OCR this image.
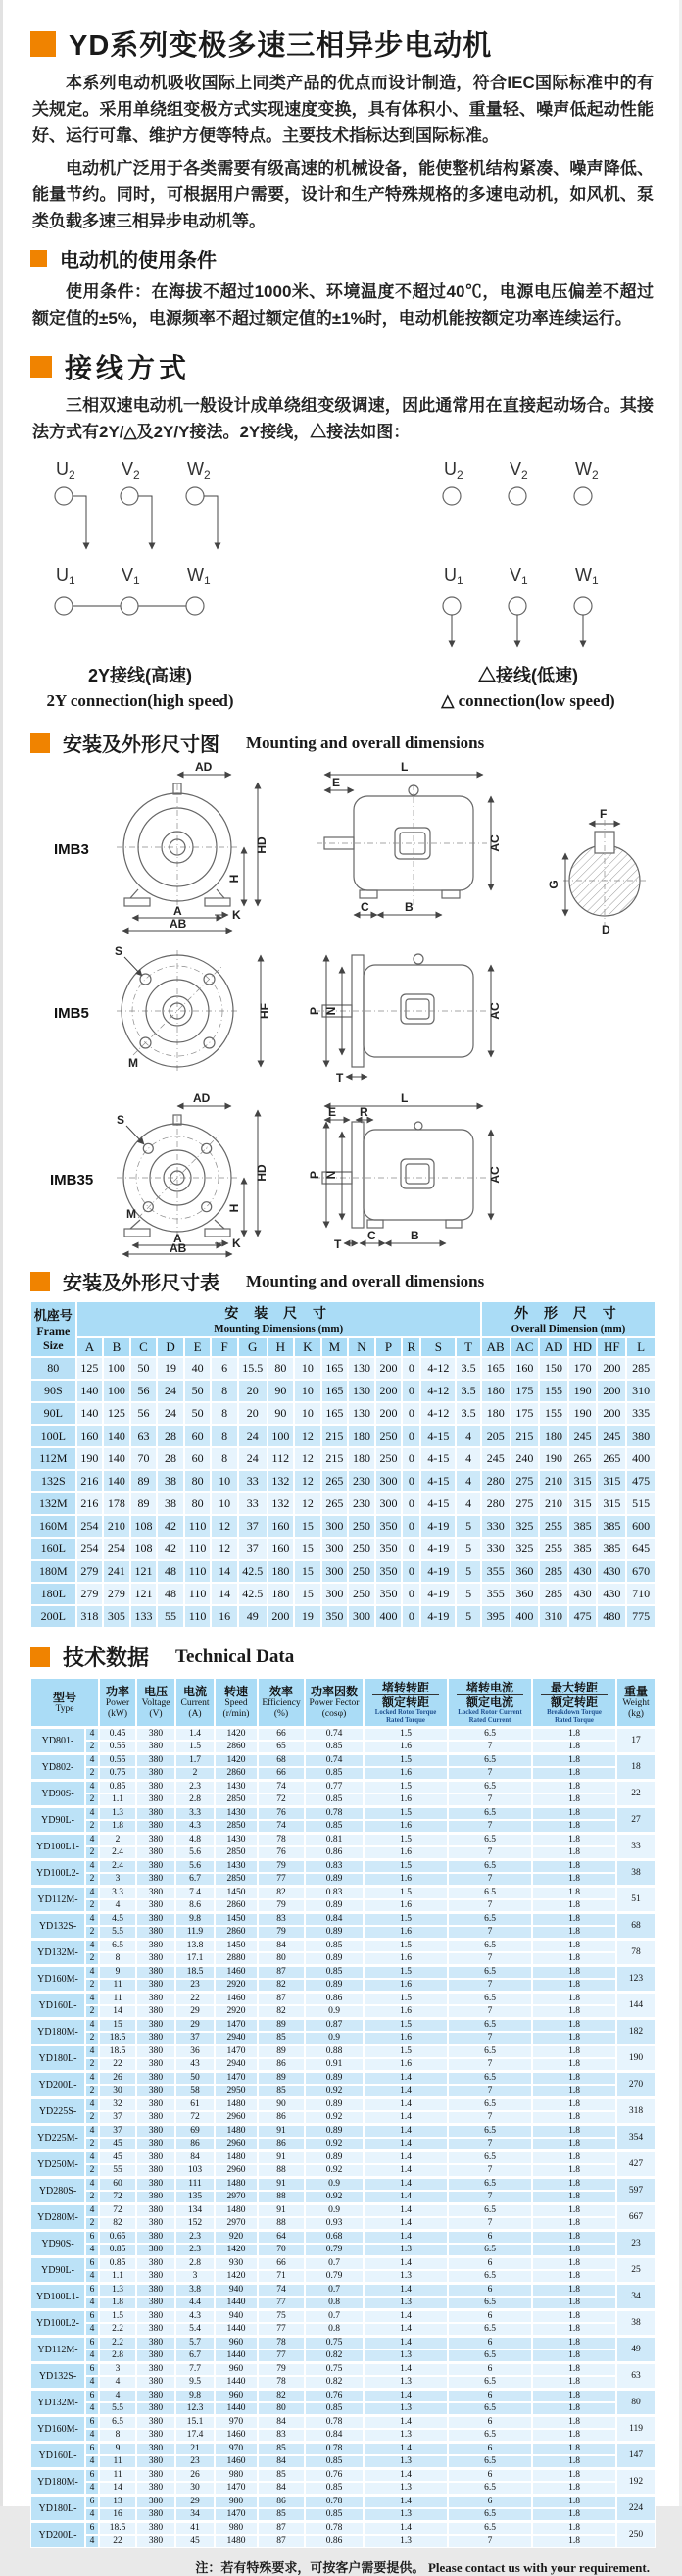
YD系列变极多速三相异步电动机

本系列电动机吸收国际上同类产品的优点而设计制造，符合IEC国际标准中的有关规定。采用单绕组变极方式实现速度变换，具有体积小、重量轻、噪声低起动性能好、运行可靠、维护方便等特点。主要技术指标达到国际标准。

电动机广泛用于各类需要有级高速的机械设备，能使整机结构紧凑、噪声降低、能量节约。同时，可根据用户需要，设计和生产特殊规格的多速电动机，如风机、泵类负载多速三相异步电动机等。

电动机的使用条件

使用条件：在海拔不超过1000米、环境温度不超过40℃，电源电压偏差不超过额定值的±5%，电源频率不超过额定值的±1%时，电动机能按额定功率连续运行。

接线方式

三相双速电动机一般设计成单绕组变级调速，因此通常用在直接起动场合。其接法方式有2Y/△及2Y/Y接法。2Y接线，△接法如图：

$U_2$	$V_2$	$W_2$
$U_1$	$V_1$	$W_1$
2Y接线(高速)
2Y connection(high speed)
$U_2$	$V_2$	$W_2$
$U_1$	$V_1$	$W_1$
△接线(低速)
△ connection(low speed)
安装及外形尺寸图 Mounting and overall dimensions
IMB3
AD
HD
H
K
A
AB
L
E
AC
C	B
F
G
D
IMB5
S
M
HF	P N
T
AC
IMB35
AD
S
M
HD
H
K
A
AB
L
E R
P N	AC
T
C	B
安装及外形尺寸表 Mounting and overall dimensions
机座号
Frame
Size

安 装 尺 寸
Mounting Dimensions (mm)

外 形 尺 寸
Overall Dimension (mm)

	A	B	C	D	E	F	G	H	K	M	N	P	R	S	T	AB	AC	AD	HD	HF	L
80	125	100	50	19	40	6	15.5	80	10	165	130	200	0	4-12	3.5	165	160	150	170	200	285
90S	140	100	56	24	50	8	20	90	10	165	130	200	0	4-12	3.5	180	175	155	190	200	310
90L	140	125	56	24	50	8	20	90	10	165	130	200	0	4-12	3.5	180	175	155	190	200	335
100L	160	140	63	28	60	8	24	100	12	215	180	250	0	4-15	4	205	215	180	245	245	380
112M	190	140	70	28	60	8	24	112	12	215	180	250	0	4-15	4	245	240	190	265	265	400
132S	216	140	89	38	80	10	33	132	12	265	230	300	0	4-15	4	280	275	210	315	315	475
132M	216	178	89	38	80	10	33	132	12	265	230	300	0	4-15	4	280	275	210	315	315	515
160M	254	210	108	42	110	12	37	160	15	300	250	350	0	4-19	5	330	325	255	385	385	600
160L	254	254	108	42	110	12	37	160	15	300	250	350	0	4-19	5	330	325	255	385	385	645
180M	279	241	121	48	110	14	42.5	180	15	300	250	350	0	4-19	5	355	360	285	430	430	670
180L	279	279	121	48	110	14	42.5	180	15	300	250	350	0	4-19	5	355	360	285	430	430	710
200L	318	305	133	55	110	16	49	200	19	350	300	400	0	4-19	5	395	400	310	475	480	775
技术数据 Technical Data
型号
Type

功率
Power
(kW)

电压
Voltage
(V)

电流
Current
(A)

转速
Speed
(r/min)

效率
Efficiency
(%)

功率因数
Power Fector
(cosφ)

堵转转距
额定转距
Locked Rotor Torque
Rated Torque

堵转电流
额定电流
Locked Rotor Current
Rated Current

最大转距
额定转距
Breakdown Torque
Rated Torque

重量
Weight
(kg)

YD801-	4	0.45	380	1.4	1420	66	0.74	1.5	6.5	1.8	17
	2	0.55	380	1.5	2860	65	0.85	1.6	7	1.8	
YD802-	4	0.55	380	1.7	1420	68	0.74	1.5	6.5	1.8	18
	2	0.75	380	2	2860	66	0.85	1.6	7	1.8	
YD90S-	4	0.85	380	2.3	1430	74	0.77	1.5	6.5	1.8	22
	2	1.1	380	2.8	2850	72	0.85	1.6	7	1.8	
YD90L-	4	1.3	380	3.3	1430	76	0.78	1.5	6.5	1.8	27
	2	1.8	380	4.3	2850	74	0.85	1.6	7	1.8	
YD100L1-	4	2	380	4.8	1430	78	0.81	1.5	6.5	1.8	33
	2	2.4	380	5.6	2850	76	0.86	1.6	7	1.8	
YD100L2-	4	2.4	380	5.6	1430	79	0.83	1.5	6.5	1.8	38
	2	3	380	6.7	2850	77	0.89	1.6	7	1.8	
YD112M-	4	3.3	380	7.4	1450	82	0.83	1.5	6.5	1.8	51
	2	4	380	8.6	2860	79	0.89	1.6	7	1.8	
YD132S-	4	4.5	380	9.8	1450	83	0.84	1.5	6.5	1.8	68
	2	5.5	380	11.9	2860	79	0.89	1.6	7	1.8	
YD132M-	4	6.5	380	13.8	1450	84	0.85	1.5	6.5	1.8	78
	2	8	380	17.1	2880	80	0.89	1.6	7	1.8	
YD160M-	4	9	380	18.5	1460	87	0.85	1.5	6.5	1.8	123
	2	11	380	23	2920	82	0.89	1.6	7	1.8	
YD160L-	4	11	380	22	1460	87	0.86	1.5	6.5	1.8	144
	2	14	380	29	2920	82	0.9	1.6	7	1.8	
YD180M-	4	15	380	29	1470	89	0.87	1.5	6.5	1.8	182
	2	18.5	380	37	2940	85	0.9	1.6	7	1.8	
YD180L-	4	18.5	380	36	1470	89	0.88	1.5	6.5	1.8	190
	2	22	380	43	2940	86	0.91	1.6	7	1.8	
YD200L-	4	26	380	50	1470	89	0.89	1.4	6.5	1.8	270
	2	30	380	58	2950	85	0.92	1.4	7	1.8	
YD225S-	4	32	380	61	1480	90	0.89	1.4	6.5	1.8	318
	2	37	380	72	2960	86	0.92	1.4	7	1.8	
YD225M-	4	37	380	69	1480	91	0.89	1.4	6.5	1.8	354
	2	45	380	86	2960	86	0.92	1.4	7	1.8	
YD250M-	4	45	380	84	1480	91	0.89	1.4	6.5	1.8	427
	2	55	380	103	2960	88	0.92	1.4	7	1.8	
YD280S-	4	60	380	111	1480	91	0.9	1.4	6.5	1.8	597
	2	72	380	135	2970	88	0.92	1.4	7	1.8	
YD280M-	4	72	380	134	1480	91	0.9	1.4	6.5	1.8	667
	2	82	380	152	2970	88	0.93	1.4	7	1.8	
YD90S-	6	0.65	380	2.3	920	64	0.68	1.4	6	1.8	23
	4	0.85	380	2.3	1420	70	0.79	1.3	6.5	1.8	
YD90L-	6	0.85	380	2.8	930	66	0.7	1.4	6	1.8	25
	4	1.1	380	3	1420	71	0.79	1.3	6.5	1.8	
YD100L1-	6	1.3	380	3.8	940	74	0.7	1.4	6	1.8	34
	4	1.8	380	4.4	1440	77	0.8	1.3	6.5	1.8	
YD100L2-	6	1.5	380	4.3	940	75	0.7	1.4	6	1.8	38
	4	2.2	380	5.4	1440	77	0.8	1.4	6.5	1.8	
YD112M-	6	2.2	380	5.7	960	78	0.75	1.4	6	1.8	49
	4	2.8	380	6.7	1440	77	0.82	1.3	6.5	1.8	
YD132S-	6	3	380	7.7	960	79	0.75	1.4	6	1.8	63
	4	4	380	9.5	1440	78	0.82	1.3	6.5	1.8	
YD132M-	6	4	380	9.8	960	82	0.76	1.4	6	1.8	80
	4	5.5	380	12.3	1440	80	0.85	1.3	6.5	1.8	
YD160M-	6	6.5	380	15.1	970	84	0.78	1.4	6	1.8	119
	4	8	380	17.4	1460	83	0.84	1.3	6.5	1.8	
YD160L-	6	9	380	21	970	85	0.78	1.4	6	1.8	147
	4	11	380	23	1460	84	0.85	1.3	6.5	1.8	
YD180M-	6	11	380	26	980	85	0.76	1.4	6	1.8	192
	4	14	380	30	1470	84	0.85	1.3	6.5	1.8	
YD180L-	6	13	380	29	980	86	0.78	1.4	6	1.8	224
	4	16	380	34	1470	85	0.85	1.3	6.5	1.8	
YD200L-	6	18.5	380	41	980	87	0.78	1.4	6.5	1.8	250
	4	22	380	45	1480	87	0.86	1.3	7	1.8	
注：若有特殊要求，可按客户需要提供。 Please contact us with your requirement.
